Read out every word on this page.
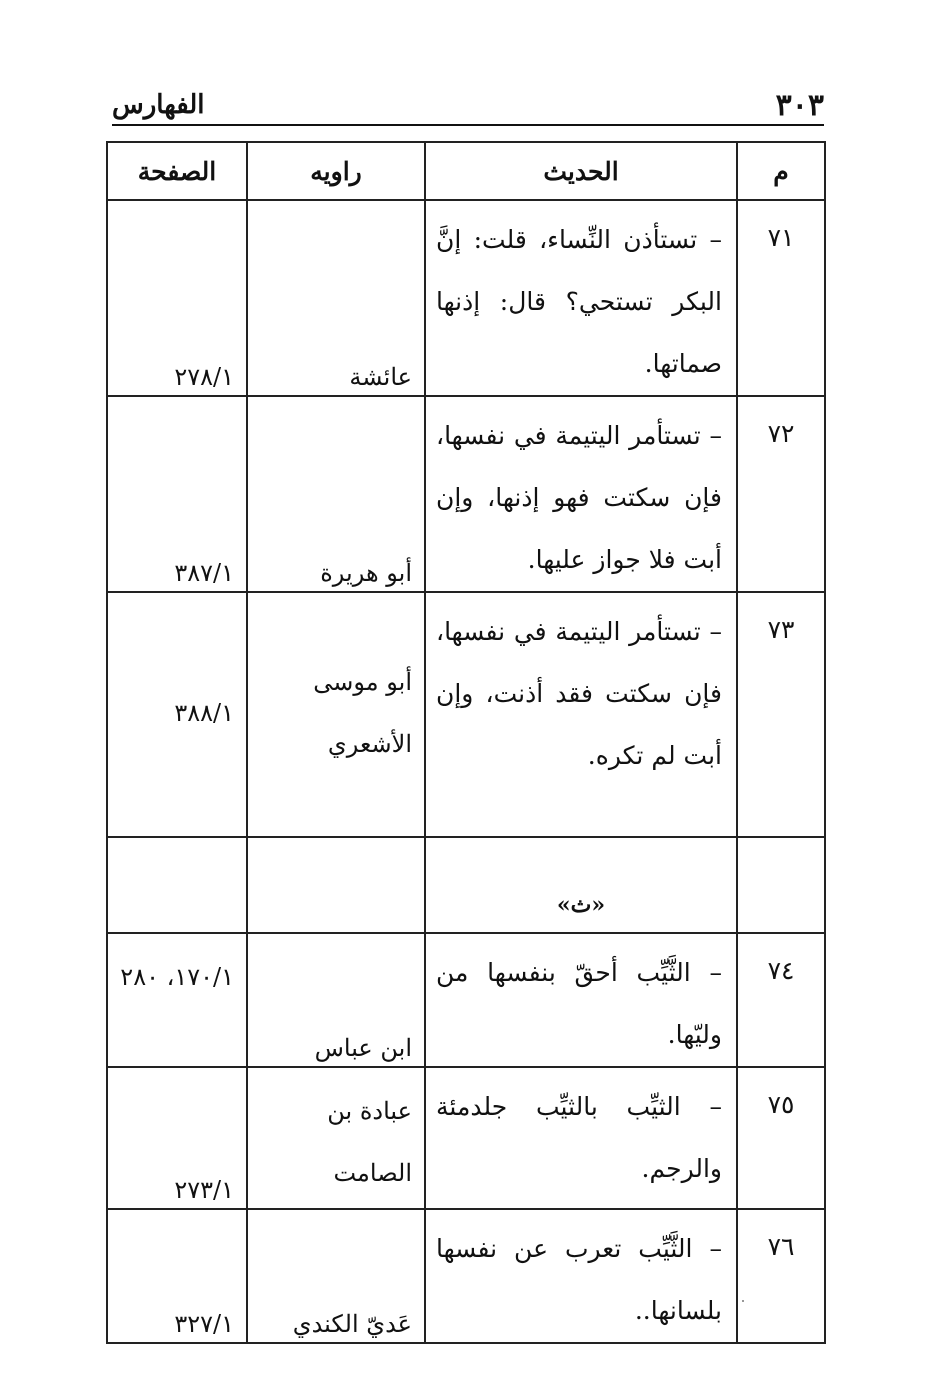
٣٠٣
الفهارس
م	الحديث	راويه	الصفحة
٧١	– تستأذن النِّساء، قلت: إنَّ البكر تستحي؟ قال: إذنها صماتها.	عائشة	٢٧٨/١
٧٢	– تستأمر اليتيمة في نفسها، فإن سكتت فهو إذنها، وإن أبت فلا جواز عليها.	أبو هريرة	٣٨٧/١
٧٣	– تستأمر اليتيمة في نفسها، فإن سكتت فقد أذنت، وإن أبت لم تكره.	أبو موسى الأشعري	٣٨٨/١
	«ث»		
٧٤	– الثَّيِّب أحقّ بنفسها من وليّها.	ابن عباس	١٧٠/١، ٢٨٠
٧٥	– الثيِّب بالثيِّب جلدمئة والرجم.	عبادة بن الصامت	٢٧٣/١
٧٦	– الثَّيِّب تعرب عن نفسها بلسانها..	عَديّ الكندي	٣٢٧/١
